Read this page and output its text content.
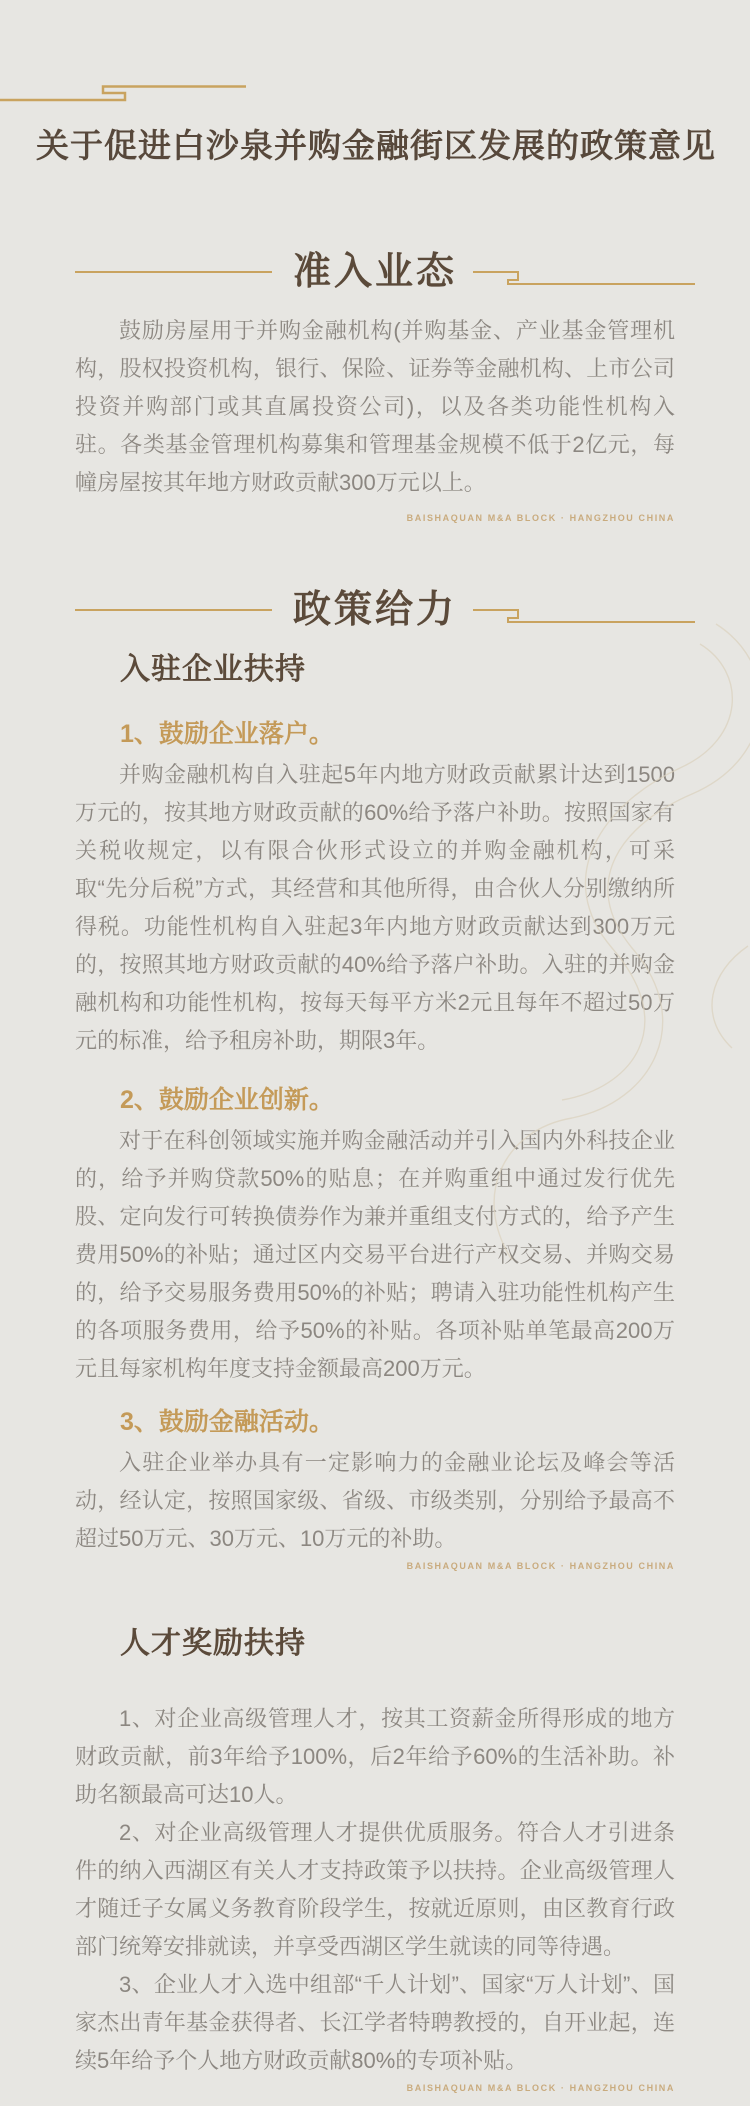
关于促进白沙泉并购金融街区发展的政策意见
准入业态

鼓励房屋用于并购金融机构(并购基金、产业基金管理机构，股权投资机构，银行、保险、证券等金融机构、上市公司投资并购部门或其直属投资公司)，以及各类功能性机构入驻。各类基金管理机构募集和管理基金规模不低于2亿元，每幢房屋按其年地方财政贡献300万元以上。

BAISHAQUAN M&A BLOCK · HANGZHOU CHINA
政策给力
入驻企业扶持
1、鼓励企业落户。

并购金融机构自入驻起5年内地方财政贡献累计达到1500万元的，按其地方财政贡献的60%给予落户补助。按照国家有关税收规定，以有限合伙形式设立的并购金融机构，可采取“先分后税”方式，其经营和其他所得，由合伙人分别缴纳所得税。功能性机构自入驻起3年内地方财政贡献达到300万元的，按照其地方财政贡献的40%给予落户补助。入驻的并购金融机构和功能性机构，按每天每平方米2元且每年不超过50万元的标准，给予租房补助，期限3年。

2、鼓励企业创新。

对于在科创领域实施并购金融活动并引入国内外科技企业的，给予并购贷款50%的贴息；在并购重组中通过发行优先股、定向发行可转换债券作为兼并重组支付方式的，给予产生费用50%的补贴；通过区内交易平台进行产权交易、并购交易的，给予交易服务费用50%的补贴；聘请入驻功能性机构产生的各项服务费用，给予50%的补贴。各项补贴单笔最高200万元且每家机构年度支持金额最高200万元。

3、鼓励金融活动。

入驻企业举办具有一定影响力的金融业论坛及峰会等活动，经认定，按照国家级、省级、市级类别，分别给予最高不超过50万元、30万元、10万元的补助。

BAISHAQUAN M&A BLOCK · HANGZHOU CHINA
人才奖励扶持

1、对企业高级管理人才，按其工资薪金所得形成的地方财政贡献，前3年给予100%，后2年给予60%的生活补助。补助名额最高可达10人。

2、对企业高级管理人才提供优质服务。符合人才引进条件的纳入西湖区有关人才支持政策予以扶持。企业高级管理人才随迁子女属义务教育阶段学生，按就近原则，由区教育行政部门统筹安排就读，并享受西湖区学生就读的同等待遇。

3、企业人才入选中组部“千人计划”、国家“万人计划”、国家杰出青年基金获得者、长江学者特聘教授的，自开业起，连续5年给予个人地方财政贡献80%的专项补贴。

BAISHAQUAN M&A BLOCK · HANGZHOU CHINA
